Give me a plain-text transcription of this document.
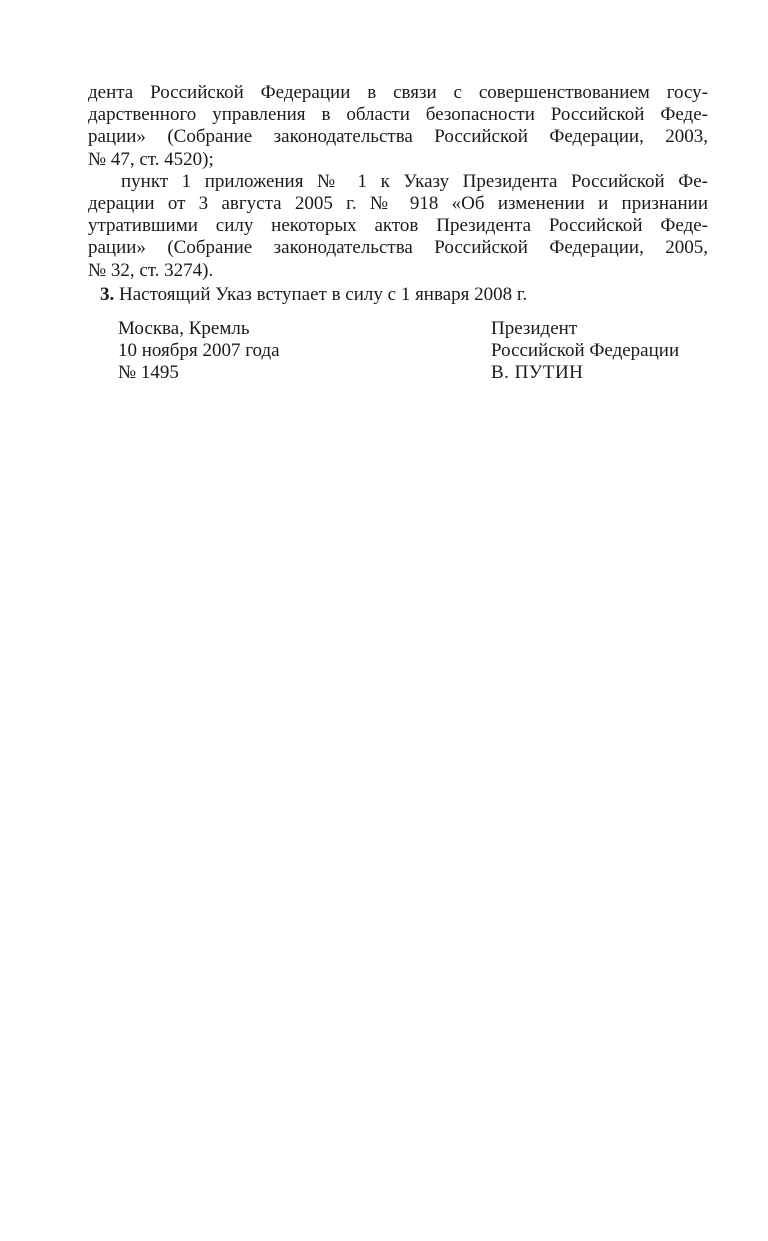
дента Российской Федерации в связи с совершенствованием госу-
дарственного управления в области безопасности Российской Феде-
рации» (Собрание законодательства Российской Федерации, 2003,
№ 47, ст. 4520);
пункт 1 приложения № 1 к Указу Президента Российской Фе-
дерации от 3 августа 2005 г. № 918 «Об изменении и признании
утратившими силу некоторых актов Президента Российской Феде-
рации» (Собрание законодательства Российской Федерации, 2005,
№ 32, ст. 3274).
3. Настоящий Указ вступает в силу с 1 января 2008 г.
Москва, Кремль
10 ноября 2007 года
№ 1495
Президент
Российской Федерации
В. ПУТИН
